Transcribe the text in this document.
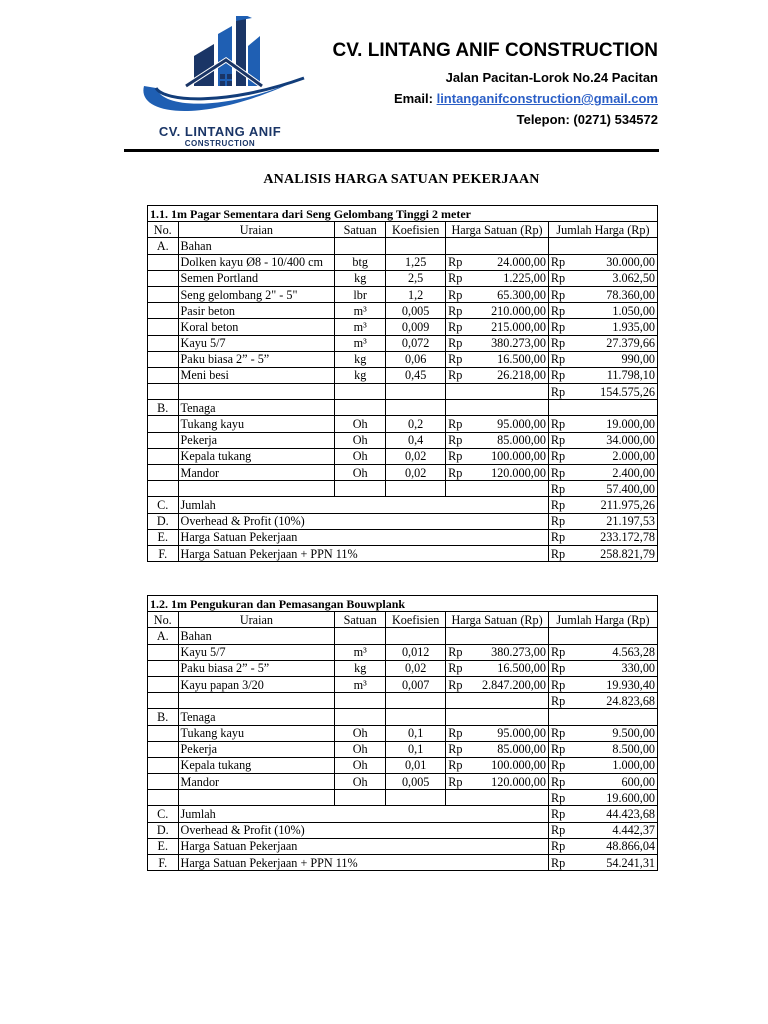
CV. LINTANG ANIF
CONSTRUCTION
CV. LINTANG ANIF CONSTRUCTION
Jalan Pacitan-Lorok No.24 Pacitan
Email: lintanganifconstruction@gmail.com
Telepon: (0271) 534572
ANALISIS HARGA SATUAN PEKERJAAN
1.1. 1m Pagar Sementara dari Seng Gelombang Tinggi 2 meter							
No.	Uraian	Satuan	Koefisien	Harga Satuan (Rp)		Jumlah Harga (Rp)	
A.	Bahan						
	Dolken kayu Ø8 - 10/400 cm	btg	1,25	Rp	24.000,00	Rp	30.000,00
	Semen Portland	kg	2,5	Rp	1.225,00	Rp	3.062,50
	Seng gelombang 2" - 5"	lbr	1,2	Rp	65.300,00	Rp	78.360,00
	Pasir beton	m³	0,005	Rp	210.000,00	Rp	1.050,00
	Koral beton	m³	0,009	Rp	215.000,00	Rp	1.935,00
	Kayu 5/7	m³	0,072	Rp	380.273,00	Rp	27.379,66
	Paku biasa 2” - 5”	kg	0,06	Rp	16.500,00	Rp	990,00
	Meni besi	kg	0,45	Rp	26.218,00	Rp	11.798,10
						Rp	154.575,26
B.	Tenaga						
	Tukang kayu	Oh	0,2	Rp	95.000,00	Rp	19.000,00
	Pekerja	Oh	0,4	Rp	85.000,00	Rp	34.000,00
	Kepala tukang	Oh	0,02	Rp	100.000,00	Rp	2.000,00
	Mandor	Oh	0,02	Rp	120.000,00	Rp	2.400,00
						Rp	57.400,00
C.	Jumlah					Rp	211.975,26
D.	Overhead & Profit (10%)					Rp	21.197,53
E.	Harga Satuan Pekerjaan					Rp	233.172,78
F.	Harga Satuan Pekerjaan + PPN 11%					Rp	258.821,79
1.2. 1m Pengukuran dan Pemasangan Bouwplank							
No.	Uraian	Satuan	Koefisien	Harga Satuan (Rp)		Jumlah Harga (Rp)	
A.	Bahan						
	Kayu 5/7	m³	0,012	Rp	380.273,00	Rp	4.563,28
	Paku biasa 2” - 5”	kg	0,02	Rp	16.500,00	Rp	330,00
	Kayu papan 3/20	m³	0,007	Rp	2.847.200,00	Rp	19.930,40
						Rp	24.823,68
B.	Tenaga						
	Tukang kayu	Oh	0,1	Rp	95.000,00	Rp	9.500,00
	Pekerja	Oh	0,1	Rp	85.000,00	Rp	8.500,00
	Kepala tukang	Oh	0,01	Rp	100.000,00	Rp	1.000,00
	Mandor	Oh	0,005	Rp	120.000,00	Rp	600,00
						Rp	19.600,00
C.	Jumlah					Rp	44.423,68
D.	Overhead & Profit (10%)					Rp	4.442,37
E.	Harga Satuan Pekerjaan					Rp	48.866,04
F.	Harga Satuan Pekerjaan + PPN 11%					Rp	54.241,31
